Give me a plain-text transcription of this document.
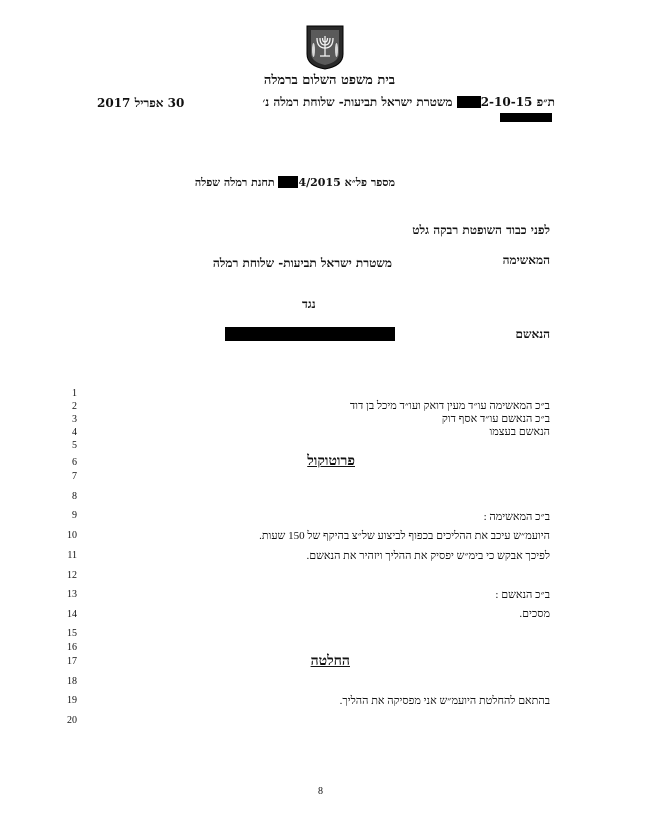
בית משפט השלום ברמלה
ת״פ 2-10-15 משטרת ישראל תביעות- שלוחת רמלה נ׳
30 אפריל 2017
מספר פל״א 4/2015 תחנת רמלה שפלה
לפני כבוד השופטת רבקה גלט
המאשימה
משטרת ישראל תביעות- שלוחת רמלה
נגד
הנאשם
1
2
3
4
5
6
7
8
9
10
11
12
13
14
15
16
17
18
19
20
ב״כ המאשימה עו״ד מעין דואק ועו״ד מיכל בן דוד
ב״כ הנאשם עו״ד אסף דוק
הנאשם בעצמו
פרוטוקול
ב״כ המאשימה :
היועמ״ש עיכב את ההליכים בכפוף לביצוע של״צ בהיקף של 150 שעות.
לפיכך אבקש כי בימ״ש יפסיק את ההליך ויזהיר את הנאשם.
ב״כ הנאשם :
מסכים.
החלטה
בהתאם להחלטת היועמ״ש אני מפסיקה את ההליך.
8
